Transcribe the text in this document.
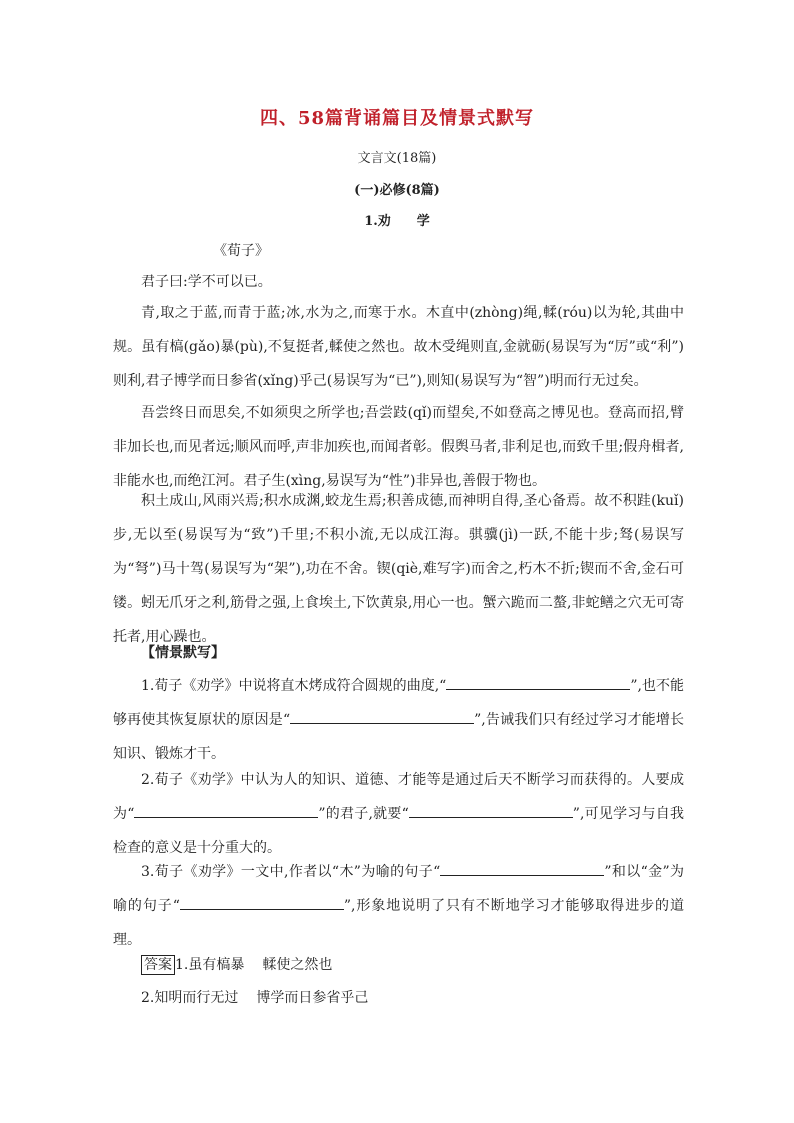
四、58篇背诵篇目及情景式默写
文言文(18篇)
(一)必修(8篇)
1.劝 学
《荀子》

君子曰:学不可以已。

青,取之于蓝,而青于蓝;冰,水为之,而寒于水。木直中(zhòng)绳,輮(róu)以为轮,其曲中规。虽有槁(gǎo)暴(pù),不复挺者,輮使之然也。故木受绳则直,金就砺(易误写为“厉”或“利”)则利,君子博学而日参省(xǐng)乎己(易误写为“已”),则知(易误写为“智”)明而行无过矣。

吾尝终日而思矣,不如须臾之所学也;吾尝跂(qǐ)而望矣,不如登高之博见也。登高而招,臂非加长也,而见者远;顺风而呼,声非加疾也,而闻者彰。假舆马者,非利足也,而致千里;假舟楫者,非能水也,而绝江河。君子生(xìng,易误写为“性”)非异也,善假于物也。

积土成山,风雨兴焉;积水成渊,蛟龙生焉;积善成德,而神明自得,圣心备焉。故不积跬(kuǐ)步,无以至(易误写为“致”)千里;不积小流,无以成江海。骐骥(jì)一跃,不能十步;驽(易误写为“弩”)马十驾(易误写为“架”),功在不舍。锲(qiè,难写字)而舍之,朽木不折;锲而不舍,金石可镂。蚓无爪牙之利,筋骨之强,上食埃土,下饮黄泉,用心一也。蟹六跪而二螯,非蛇鳝之穴无可寄托者,用心躁也。

【情景默写】

1.荀子《劝学》中说将直木烤成符合圆规的曲度,“	”,也不能够再使其恢复原状的原因是“	”,告诫我们只有经过学习才能增长知识、锻炼才干。

2.荀子《劝学》中认为人的知识、道德、才能等是通过后天不断学习而获得的。人要成为“	”的君子,就要“	”,可见学习与自我检查的意义是十分重大的。

3.荀子《劝学》一文中,作者以“木”为喻的句子“	”和以“金”为喻的句子“	”,形象地说明了只有不断地学习才能够取得进步的道理。

答案 1.虽有槁暴 輮使之然也
2.知明而行无过 博学而日参省乎己
